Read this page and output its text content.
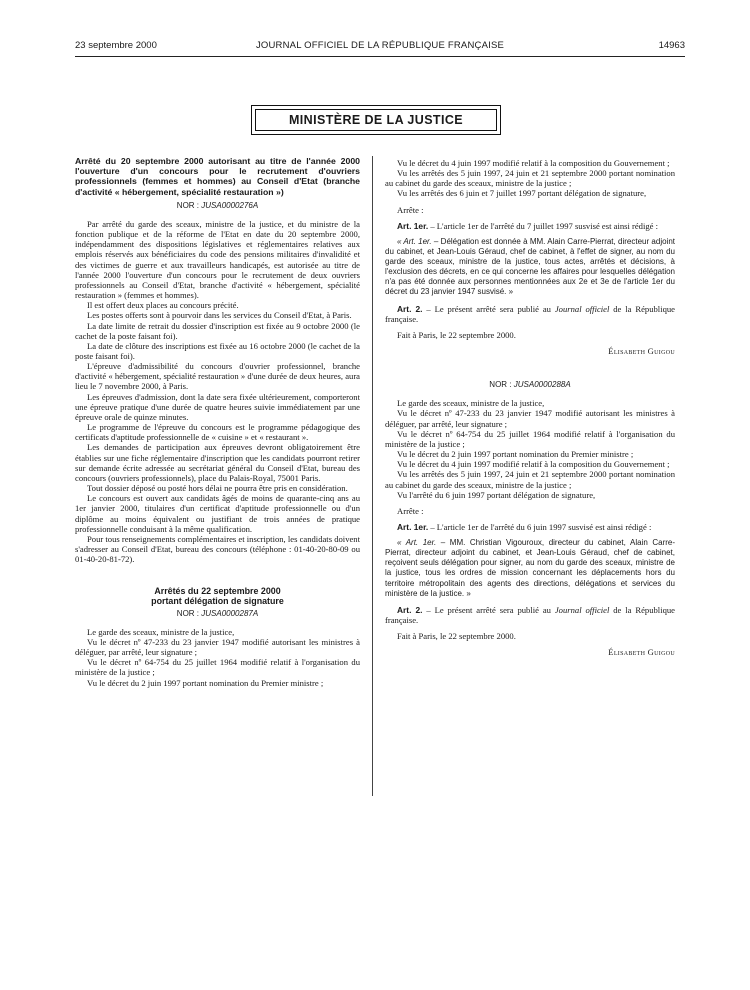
23 septembre 2000	JOURNAL OFFICIEL DE LA RÉPUBLIQUE FRANÇAISE	14963
MINISTÈRE DE LA JUSTICE

Arrêté du 20 septembre 2000 autorisant au titre de l'année 2000 l'ouverture d'un concours pour le recrutement d'ouvriers professionnels (femmes et hommes) au Conseil d'Etat (branche d'activité « hébergement, spécialité restauration »)

NOR : JUSA0000276A

Par arrêté du garde des sceaux, ministre de la justice, et du ministre de la fonction publique et de la réforme de l'Etat en date du 20 septembre 2000, indépendamment des dispositions législatives et réglementaires relatives aux emplois réservés aux bénéficiaires du code des pensions militaires d'invalidité et des victimes de guerre et aux travailleurs handicapés, est autorisée au titre de l'année 2000 l'ouverture d'un concours pour le recrutement de deux ouvriers professionnels au Conseil d'Etat, branche d'activité « hébergement, spécialité restauration » (femmes et hommes).

Il est offert deux places au concours précité.

Les postes offerts sont à pourvoir dans les services du Conseil d'Etat, à Paris.

La date limite de retrait du dossier d'inscription est fixée au 9 octobre 2000 (le cachet de la poste faisant foi).

La date de clôture des inscriptions est fixée au 16 octobre 2000 (le cachet de la poste faisant foi).

L'épreuve d'admissibilité du concours d'ouvrier professionnel, branche d'activité « hébergement, spécialité restauration » d'une durée de deux heures, aura lieu le 7 novembre 2000, à Paris.

Les épreuves d'admission, dont la date sera fixée ultérieurement, comporteront une épreuve pratique d'une durée de quatre heures suivie immédiatement par une épreuve orale de quinze minutes.

Le programme de l'épreuve du concours est le programme pédagogique des certificats d'aptitude professionnelle de « cuisine » et « restaurant ».

Les demandes de participation aux épreuves devront obligatoirement être établies sur une fiche réglementaire d'inscription que les candidats pourront retirer sur demande écrite adressée au secrétariat général du Conseil d'Etat, bureau des concours (ouvriers professionnels), place du Palais-Royal, 75001 Paris.

Tout dossier déposé ou posté hors délai ne pourra être pris en considération.

Le concours est ouvert aux candidats âgés de moins de quarante-cinq ans au 1er janvier 2000, titulaires d'un certificat d'aptitude professionnelle ou d'un diplôme au moins équivalent ou justifiant de trois années de pratique professionnelle conduisant à la même qualification.

Pour tous renseignements complémentaires et inscription, les candidats doivent s'adresser au Conseil d'Etat, bureau des concours (téléphone : 01-40-20-80-09 ou 01-40-20-81-72).

Arrêtés du 22 septembre 2000

portant délégation de signature

NOR : JUSA0000287A

Le garde des sceaux, ministre de la justice,

Vu le décret nº 47-233 du 23 janvier 1947 modifié autorisant les ministres à déléguer, par arrêté, leur signature ;

Vu le décret nº 64-754 du 25 juillet 1964 modifié relatif à l'organisation du ministère de la justice ;

Vu le décret du 2 juin 1997 portant nomination du Premier ministre ;

Vu le décret du 4 juin 1997 modifié relatif à la composition du Gouvernement ;

Vu les arrêtés des 5 juin 1997, 24 juin et 21 septembre 2000 portant nomination au cabinet du garde des sceaux, ministre de la justice ;

Vu les arrêtés des 6 juin et 7 juillet 1997 portant délégation de signature,

Arrête :

Art. 1er. – L'article 1er de l'arrêté du 7 juillet 1997 susvisé est ainsi rédigé :

« Art. 1er. – Délégation est donnée à MM. Alain Carre-Pierrat, directeur adjoint du cabinet, et Jean-Louis Géraud, chef de cabinet, à l'effet de signer, au nom du garde des sceaux, ministre de la justice, tous actes, arrêtés et décisions, à l'exclusion des décrets, en ce qui concerne les affaires pour lesquelles délégation n'a pas été donnée aux personnes mentionnées aux 2e et 3e de l'article 1er du décret du 23 janvier 1947 susvisé. »

Art. 2. – Le présent arrêté sera publié au Journal officiel de la République française.

Fait à Paris, le 22 septembre 2000.

Élisabeth Guigou

NOR : JUSA0000288A

Le garde des sceaux, ministre de la justice,

Vu le décret nº 47-233 du 23 janvier 1947 modifié autorisant les ministres à déléguer, par arrêté, leur signature ;

Vu le décret nº 64-754 du 25 juillet 1964 modifié relatif à l'organisation du ministère de la justice ;

Vu le décret du 2 juin 1997 portant nomination du Premier ministre ;

Vu le décret du 4 juin 1997 modifié relatif à la composition du Gouvernement ;

Vu les arrêtés des 5 juin 1997, 24 juin et 21 septembre 2000 portant nomination au cabinet du garde des sceaux, ministre de la justice ;

Vu l'arrêté du 6 juin 1997 portant délégation de signature,

Arrête :

Art. 1er. – L'article 1er de l'arrêté du 6 juin 1997 susvisé est ainsi rédigé :

« Art. 1er. – MM. Christian Vigouroux, directeur du cabinet, Alain Carre-Pierrat, directeur adjoint du cabinet, et Jean-Louis Géraud, chef de cabinet, reçoivent seuls délégation pour signer, au nom du garde des sceaux, ministre de la justice, tous les ordres de mission concernant les déplacements hors du territoire métropolitain des agents des directions, délégations et services du ministère de la justice. »

Art. 2. – Le présent arrêté sera publié au Journal officiel de la République française.

Fait à Paris, le 22 septembre 2000.

Élisabeth Guigou
